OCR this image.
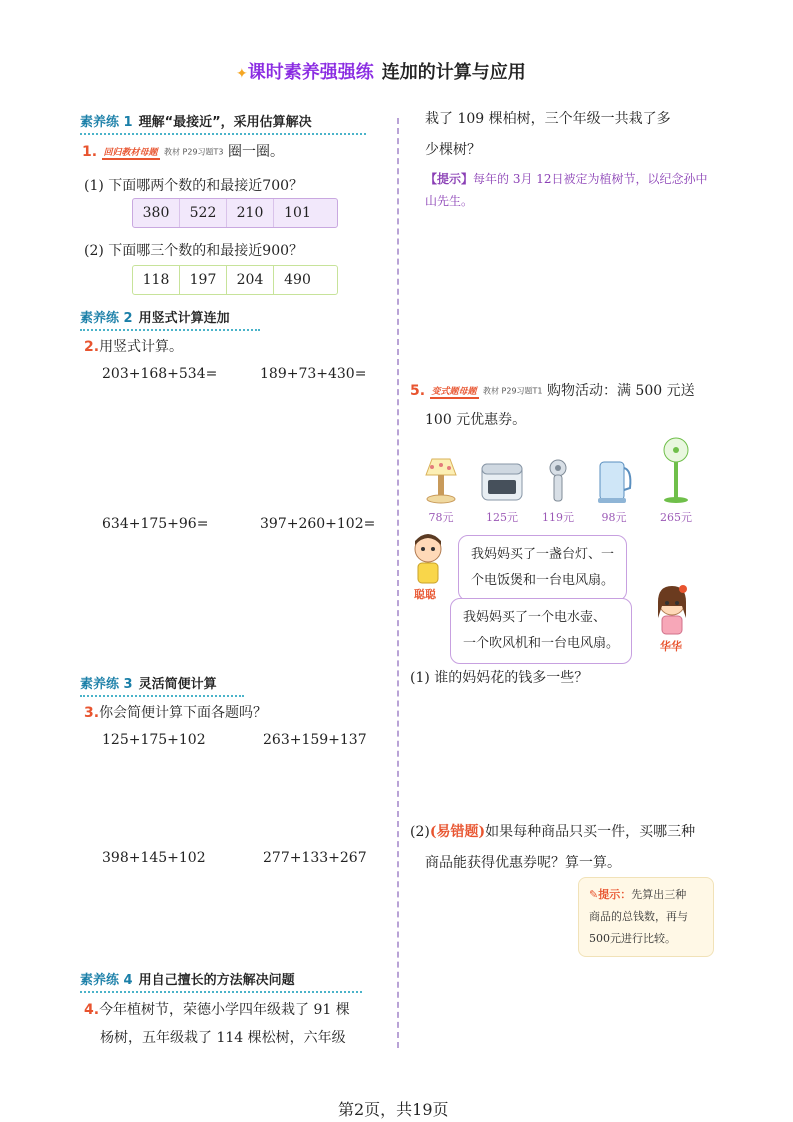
✦课时素养强强练 连加的计算与应用
素养练 1 理解“最接近”，采用估算解决
1. 回归教材母题 教材 P29习题T3 圈一圈。
(1) 下面哪两个数的和最接近700？
380	522	210	101
(2) 下面哪三个数的和最接近900？
118	197	204	490
素养练 2 用竖式计算连加
2.用竖式计算。
203+168+534=	189+73+430=
634+175+96=	397+260+102=
素养练 3 灵活简便计算
3.你会简便计算下面各题吗？
125+175+102	263+159+137
398+145+102	277+133+267
素养练 4 用自己擅长的方法解决问题
4.今年植树节，荣德小学四年级栽了 91 棵
杨树，五年级栽了 114 棵松树，六年级
栽了 109 棵柏树，三个年级一共栽了多
少棵树？
【提示】每年的 3月 12日被定为植树节，以纪念孙中
山先生。
5. 变式题母题 教材 P29习题T1 购物活动：满 500 元送
100 元优惠券。
78元	125元	119元	98元	265元
聪聪
我妈妈买了一盏台灯、一
个电饭煲和一台电风扇。
我妈妈买了一个电水壶、
一个吹风机和一台电风扇。	华华
(1) 谁的妈妈花的钱多一些？
(2)(易错题)如果每种商品只买一件，买哪三种
商品能获得优惠券呢？算一算。
✎提示：先算出三种
商品的总钱数，再与
500元进行比较。
第2页，共19页
